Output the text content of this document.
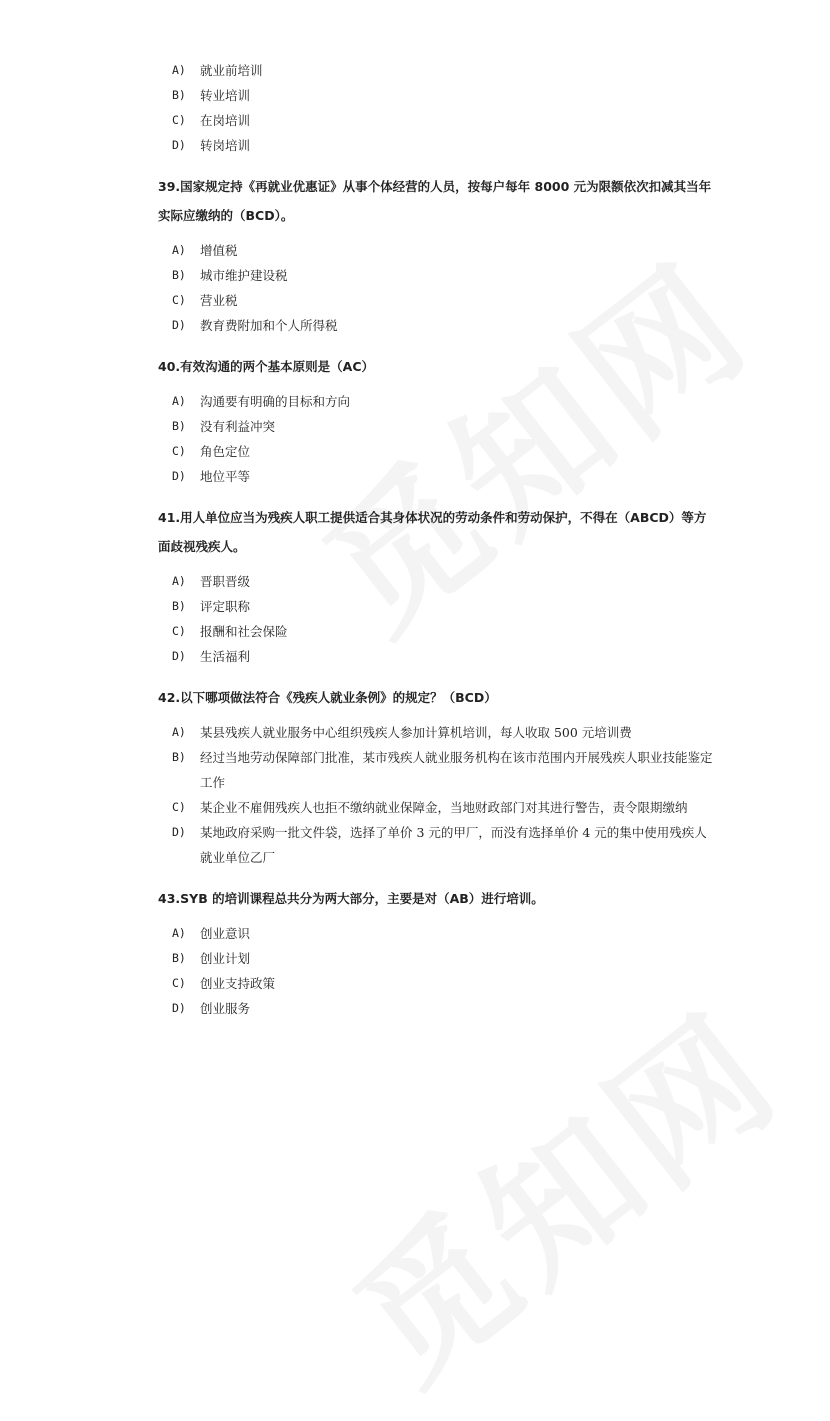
A)	就业前培训
B)	转业培训
C)	在岗培训
D)	转岗培训
39.国家规定持《再就业优惠证》从事个体经营的人员，按每户每年 8000 元为限额依次扣减其当年实际应缴纳的（BCD）。
A)	增值税
B)	城市维护建设税
C)	营业税
D)	教育费附加和个人所得税
40.有效沟通的两个基本原则是（AC）
A)	沟通要有明确的目标和方向
B)	没有利益冲突
C)	角色定位
D)	地位平等
41.用人单位应当为残疾人职工提供适合其身体状况的劳动条件和劳动保护，不得在（ABCD）等方面歧视残疾人。
A)	晋职晋级
B)	评定职称
C)	报酬和社会保险
D)	生活福利
42.以下哪项做法符合《残疾人就业条例》的规定？（BCD）
A)	某县残疾人就业服务中心组织残疾人参加计算机培训，每人收取 500 元培训费
B)	经过当地劳动保障部门批准，某市残疾人就业服务机构在该市范围内开展残疾人职业技能鉴定工作
C)	某企业不雇佣残疾人也拒不缴纳就业保障金，当地财政部门对其进行警告，责令限期缴纳
D)	某地政府采购一批文件袋，选择了单价 3 元的甲厂，而没有选择单价 4 元的集中使用残疾人就业单位乙厂
43.SYB 的培训课程总共分为两大部分，主要是对（AB）进行培训。
A)	创业意识
B)	创业计划
C)	创业支持政策
D)	创业服务
